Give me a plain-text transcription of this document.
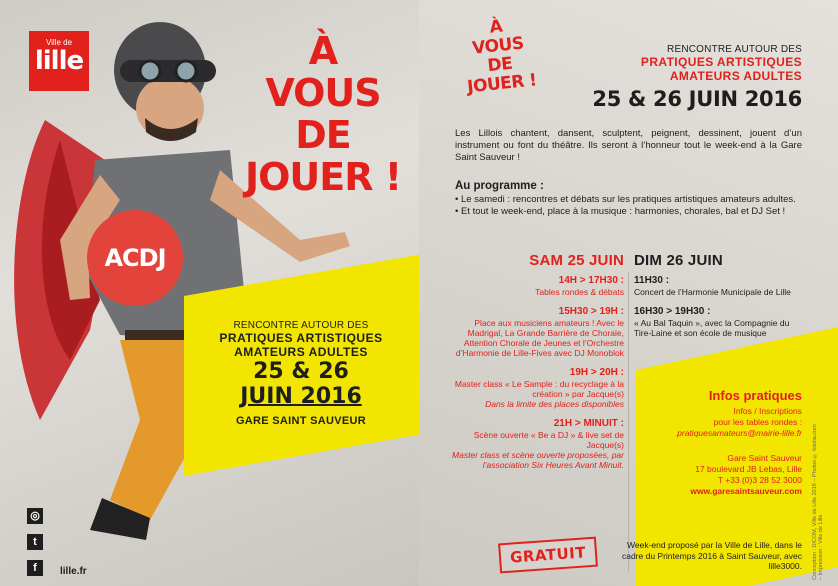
Ville de
lille	À
VOUS
DE
JOUER !
ACDJ
RENCONTRE AUTOUR DES
PRATIQUES ARTISTIQUES
AMATEURS ADULTES
25 & 26
JUIN 2016
GARE SAINT SAUVEUR
◎
t
f	lille.fr
À
VOUS
DE
JOUER !
RENCONTRE AUTOUR DES
PRATIQUES ARTISTIQUES
AMATEURS ADULTES
25 & 26 JUIN 2016
Les Lillois chantent, dansent, sculptent, peignent, dessinent, jouent d’un instrument ou font du théâtre. Ils seront à l’honneur tout le week-end à la Gare Saint Sauveur !
Au programme :
• Le samedi : rencontres et débats sur les pratiques artistiques amateurs adultes.
• Et tout le week-end, place à la musique : harmonies, chorales, bal et DJ Set !
SAM 25 JUIN
14H > 17H30 :
Tables rondes & débats
15H30 > 19H :
Place aux musiciens amateurs ! Avec le Madrigal, La Grande Barrière de Chorale, Attention Chorale de Jeunes et l’Orchestre d’Harmonie de Lille-Fives avec DJ Monoblok
19H > 20H :
Master class « Le Sample : du recyclage à la création » par Jacque(s)
Dans la limite des places disponibles
21H > MINUIT :
Scène ouverte « Be a DJ » & live set de Jacque(s)
Master class et scène ouverte proposées, par l’association Six Heures Avant Minuit.
DIM 26 JUIN
11H30 :
Concert de l’Harmonie Municipale de Lille
16H30 > 19H30 :
« Au Bal Taquin », avec la Compagnie du Tire-Laine et son école de musique
Infos pratiques
Infos / Inscriptions
pour les tables rondes :
pratiquesamateurs@mairie-lille.fr
Gare Saint Sauveur
17 boulevard JB Lebas, Lille
T +33 (0)3 28 52 3000
www.garesaintsauveur.com Conception : DICOM, Ville de Lille 2016 – Photos © fotolia.com – Impression : Ville de Lille
GRATUIT	Week-end proposé par la Ville de Lille, dans le cadre du Printemps 2016 à Saint Sauveur, avec lille3000.
